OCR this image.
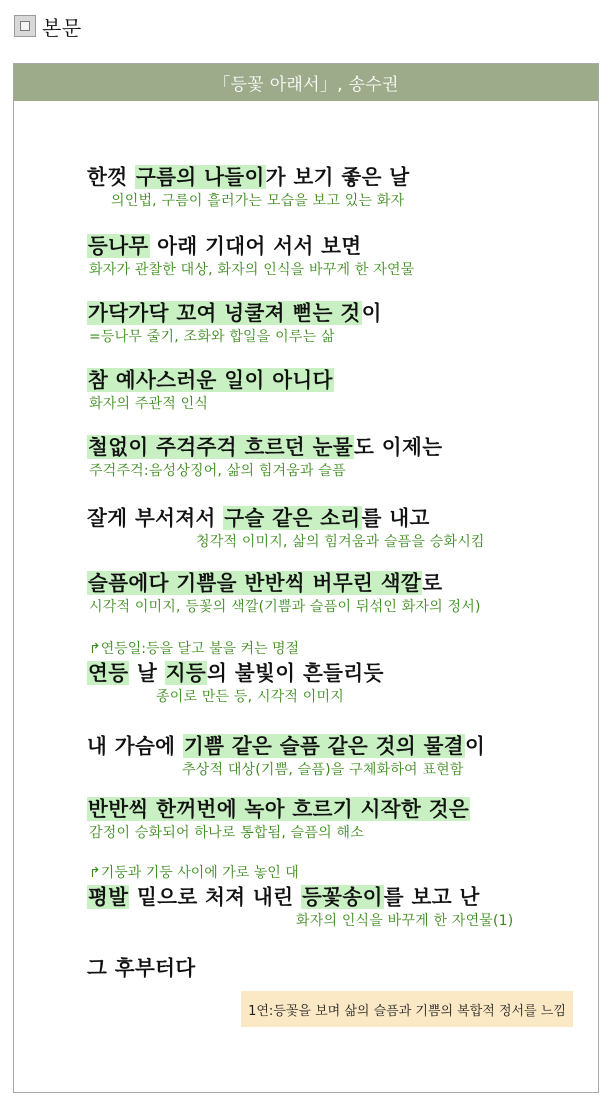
본문
「등꽃 아래서」, 송수권
한껏 구름의 나들이가 보기 좋은 날
의인법, 구름이 흘러가는 모습을 보고 있는 화자
등나무 아래 기대어 서서 보면
화자가 관찰한 대상, 화자의 인식을 바꾸게 한 자연물
가닥가닥 꼬여 넝쿨져 뻗는 것이
=등나무 줄기, 조화와 합일을 이루는 삶
참 예사스러운 일이 아니다
화자의 주관적 인식
철없이 주걱주걱 흐르던 눈물도 이제는
주걱주걱:음성상징어, 삶의 힘겨움과 슬픔
잘게 부서져서 구슬 같은 소리를 내고
청각적 이미지, 삶의 힘겨움과 슬픔을 승화시킴
슬픔에다 기쁨을 반반씩 버무린 색깔로
시각적 이미지, 등꽃의 색깔(기쁨과 슬픔이 뒤섞인 화자의 정서)
↱연등일:등을 달고 불을 켜는 명절
연등 날 지등의 불빛이 흔들리듯
종이로 만든 등, 시각적 이미지
내 가슴에 기쁨 같은 슬픔 같은 것의 물결이
추상적 대상(기쁨, 슬픔)을 구체화하여 표현함
반반씩 한꺼번에 녹아 흐르기 시작한 것은
감정이 승화되어 하나로 통합됨, 슬픔의 해소
↱기둥과 기둥 사이에 가로 놓인 대
평발 밑으로 처져 내린 등꽃송이를 보고 난
화자의 인식을 바꾸게 한 자연물(1)
그 후부터다
1연:등꽃을 보며 삶의 슬픔과 기쁨의 복합적 정서를 느낌
